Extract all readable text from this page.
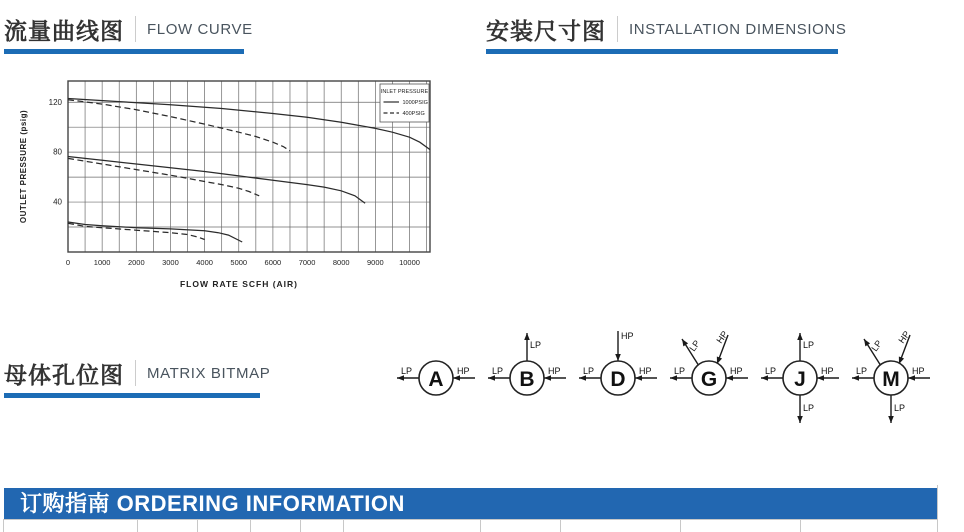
流量曲线图 FLOW CURVE	安装尺寸图 INSTALLATION DIMENSIONS
0	1000 2000 3000 4000 5000 6000 7000 8000 9000 10000
40
80
120
FLOW RATE SCFH (AIR)
OUTLET PRESSURE (psig)
INLET PRESSURE
1000PSIG
400PSIG
母体孔位图 MATRIX BITMAP	LP	HP
A
LP
LP	HP
B
HP
LP	HP
D
LP
HP
LP	HP
G
LP
LP	HP
LP
J
LP
HP
LP	HP
LP
M
订购指南 ORDERING INFORMATION
